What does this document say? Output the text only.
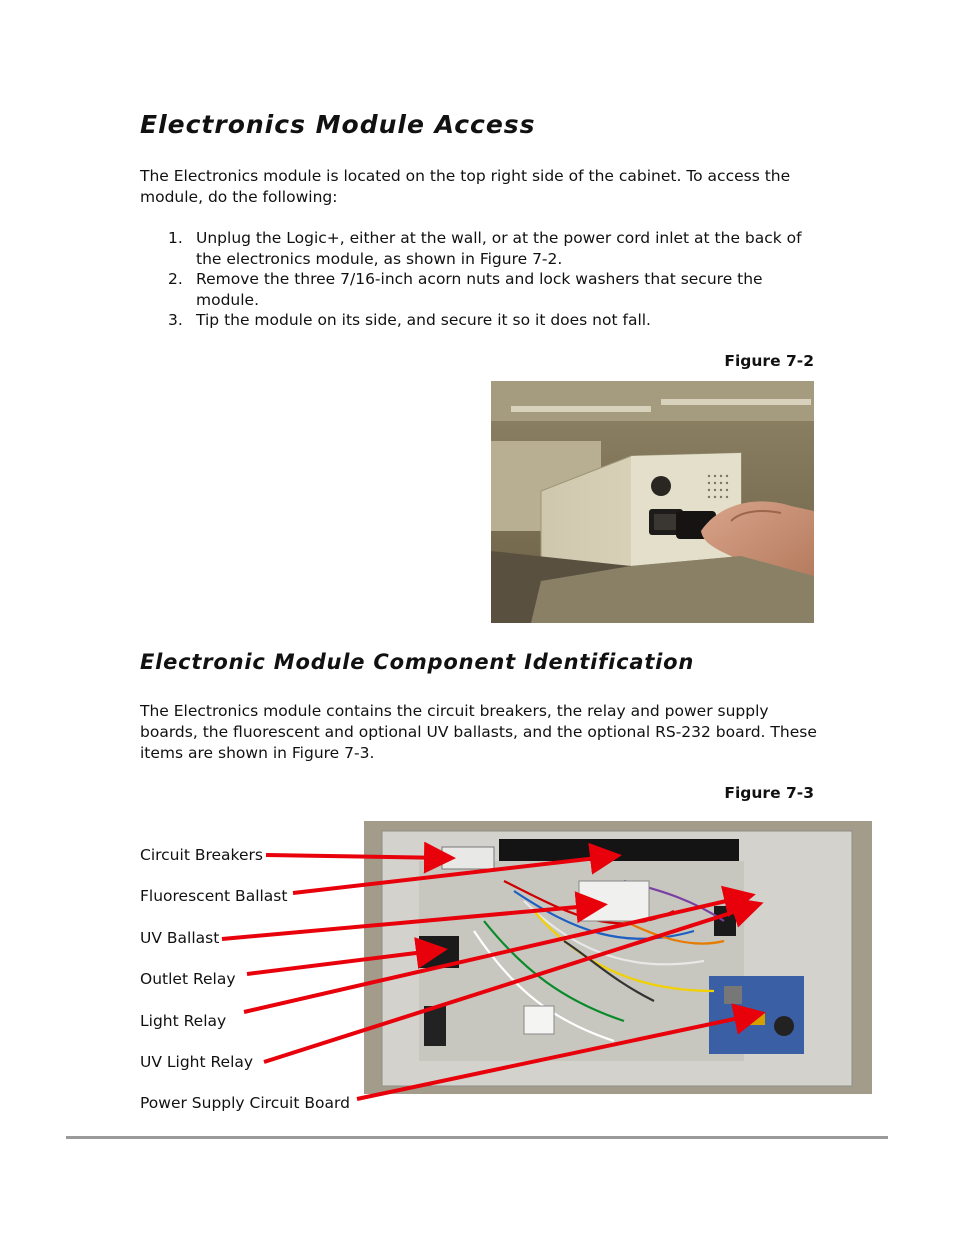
Electronics Module Access

The Electronics module is located on the top right side of the cabinet. To access the module, do the following:

1. Unplug the Logic+, either at the wall, or at the power cord inlet at the back of the electronics module, as shown in Figure 7-2.
2. Remove the three 7/16-inch acorn nuts and lock washers that secure the module.
3. Tip the module on its side, and secure it so it does not fall.
Figure 7-2
Electronic Module Component Identification

The Electronics module contains the circuit breakers, the relay and power supply boards, the fluorescent and optional UV ballasts, and the optional RS-232 board. These items are shown in Figure 7-3.

Figure 7-3
Circuit Breakers
Fluorescent Ballast
UV Ballast
Outlet Relay
Light Relay
UV Light Relay
Power Supply Circuit Board
